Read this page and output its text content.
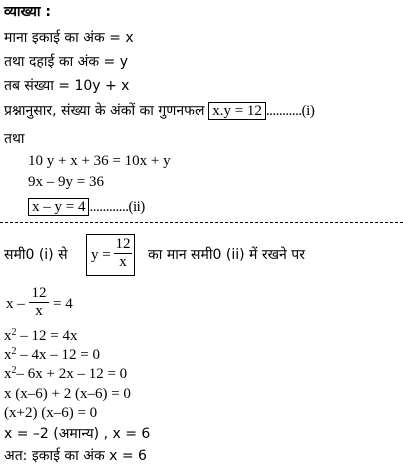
व्याख्या :
माना इकाई का अंक = x
तथा दहाई का अंक = y
तब संख्या = 10y + x
प्रश्नानुसार, संख्या के अंकों का गुणनफल x.y = 12 ...........(i)
तथा
10 y + x + 36 = 10x + y
9x – 9y = 36
x – y = 4 ............(ii)
समी0 (i) से y =
12
x	का मान समी0 (ii) में रखने पर
x –
12
x = 4
$x^2 - 12 = 4x$
$x^2 - 4x - 12 = 0$
$x^2-$ 6x + 2x – 12 = 0
x (x–6) + 2 (x–6) = 0
(x+2) (x–6) = 0
x = –2 (अमान्य) , x = 6
अत: इकाई का अंक x = 6
